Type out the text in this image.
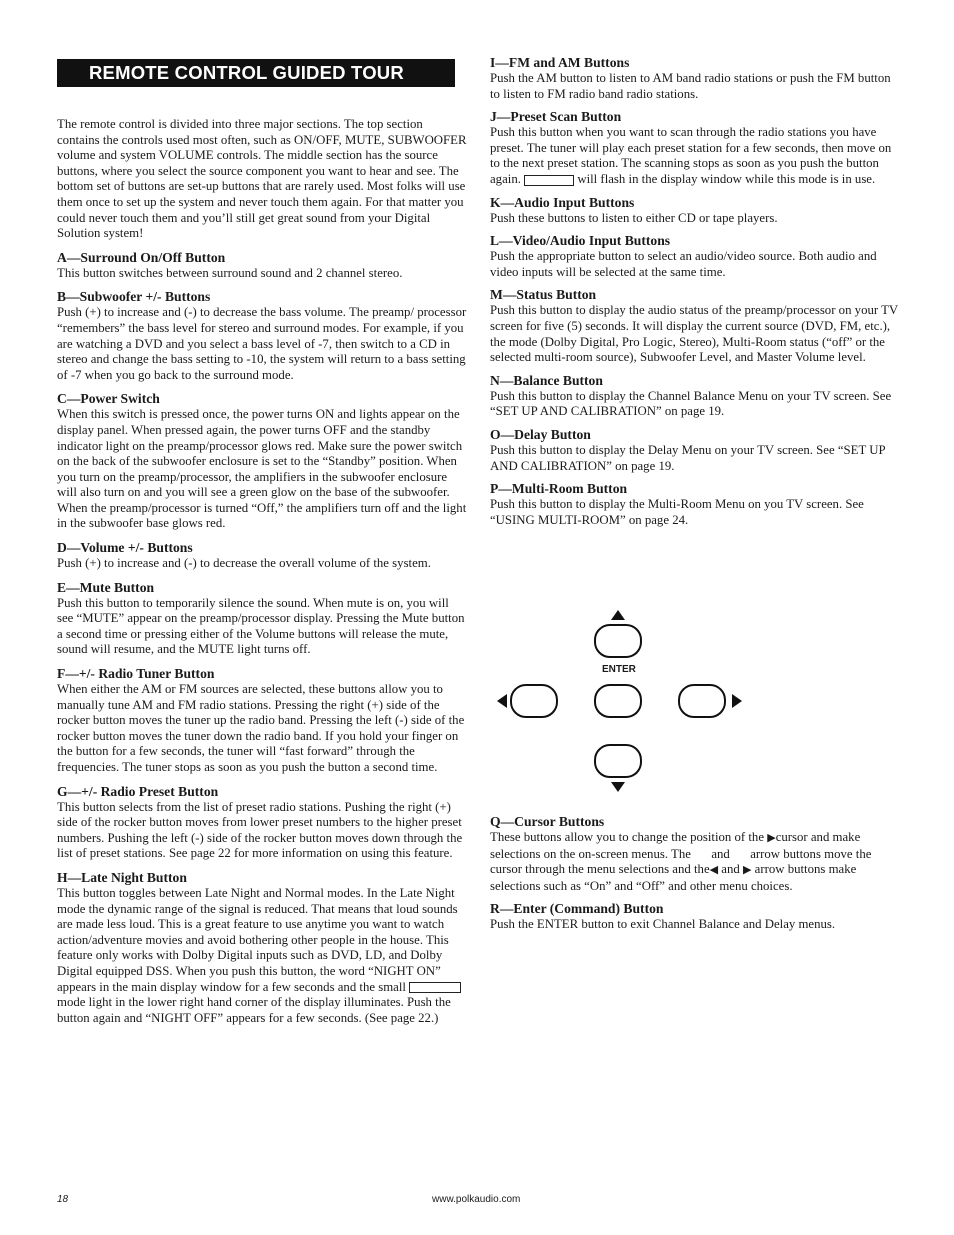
REMOTE CONTROL GUIDED TOUR

The remote control is divided into three major sections. The top section contains the controls used most often, such as ON/OFF, MUTE, SUBWOOFER volume and system VOLUME controls. The middle section has the source buttons, where you select the source component you want to hear and see. The bottom set of buttons are set-up buttons that are rarely used. Most folks will use them once to set up the system and never touch them again. For that matter you could never touch them and you’ll still get great sound from your Digital Solution system!

A—Surround On/Off Button

This button switches between surround sound and 2 channel stereo.

B—Subwoofer +/- Buttons

Push (+) to increase and (-) to decrease the bass volume. The preamp/ processor “remembers” the bass level for stereo and surround modes. For example, if you are watching a DVD and you select a bass level of -7, then switch to a CD in stereo and change the bass setting to -10, the system will return to a bass setting of -7 when you go back to the surround mode.

C—Power Switch

When this switch is pressed once, the power turns ON and lights appear on the display panel. When pressed again, the power turns OFF and the standby indicator light on the preamp/processor glows red. Make sure the power switch on the back of the subwoofer enclosure is set to the “Standby” position. When you turn on the preamp/processor, the amplifiers in the subwoofer enclosure will also turn on and you will see a green glow on the base of the subwoofer. When the preamp/processor is turned “Off,” the amplifiers turn off and the light in the subwoofer base glows red.

D—Volume +/- Buttons

Push (+) to increase and (-) to decrease the overall volume of the system.

E—Mute Button

Push this button to temporarily silence the sound. When mute is on, you will see “MUTE” appear on the preamp/processor display. Pressing the Mute button a second time or pressing either of the Volume buttons will release the mute, sound will resume, and the MUTE light turns off.

F—+/- Radio Tuner Button

When either the AM or FM sources are selected, these buttons allow you to manually tune AM and FM radio stations. Pressing the right (+) side of the rocker button moves the tuner up the radio band. Pressing the left (-) side of the rocker button moves the tuner down the radio band. If you hold your finger on the button for a few seconds, the tuner will “fast forward” through the frequencies. The tuner stops as soon as you push the button a second time.

G—+/- Radio Preset Button

This button selects from the list of preset radio stations. Pushing the right (+) side of the rocker button moves from lower preset numbers to the higher preset numbers. Pushing the left (-) side of the rocker button moves down through the list of preset stations. See page 22 for more information on using this feature.

H—Late Night Button

This button toggles between Late Night and Normal modes. In the Late Night mode the dynamic range of the signal is reduced. That means that loud sounds are made less loud. This is a great feature to use anytime you want to watch action/adventure movies and avoid bothering other people in the house. This feature only works with Dolby Digital inputs such as DVD, LD, and Dolby Digital equipped DSS. When you push this button, the word “NIGHT ON” appears in the main display window for a few seconds and the small  mode light in the lower right hand corner of the display illuminates. Push the button again and “NIGHT OFF” appears for a few seconds. (See page 22.)

I—FM and AM Buttons

Push the AM button to listen to AM band radio stations or push the FM button to listen to FM radio band radio stations.

J—Preset Scan Button

Push this button when you want to scan through the radio stations you have preset. The tuner will play each preset station for a few seconds, then move on to the next preset station. The scanning stops as soon as you push the button again.	will flash in the display window while this mode is in use.

K—Audio Input Buttons

Push these buttons to listen to either CD or tape players.

L—Video/Audio Input Buttons

Push the appropriate button to select an audio/video source. Both audio and video inputs will be selected at the same time.

M—Status Button

Push this button to display the audio status of the preamp/processor on your TV screen for five (5) seconds. It will display the current source (DVD, FM, etc.), the mode (Dolby Digital, Pro Logic, Stereo), Multi-Room status (“off” or the selected multi-room source), Subwoofer Level, and Master Volume level.

N—Balance Button

Push this button to display the Channel Balance Menu on your TV screen. See “SET UP AND CALIBRATION” on page 19.

O—Delay Button

Push this button to display the Delay Menu on your TV screen. See “SET UP AND CALIBRATION” on page 19.

P—Multi-Room Button

Push this button to display the Multi-Room Menu on you TV screen. See “USING MULTI-ROOM” on page 24.

ENTER

Q—Cursor Buttons

These buttons allow you to change the position of the ▶cursor and make selections on the on-screen menus. The and arrow buttons move the cursor through the menu selections and the◀ and ▶ arrow buttons make selections such as “On” and “Off” and other menu choices.

R—Enter (Command) Button

Push the ENTER button to exit Channel Balance and Delay menus.

18	www.polkaudio.com
